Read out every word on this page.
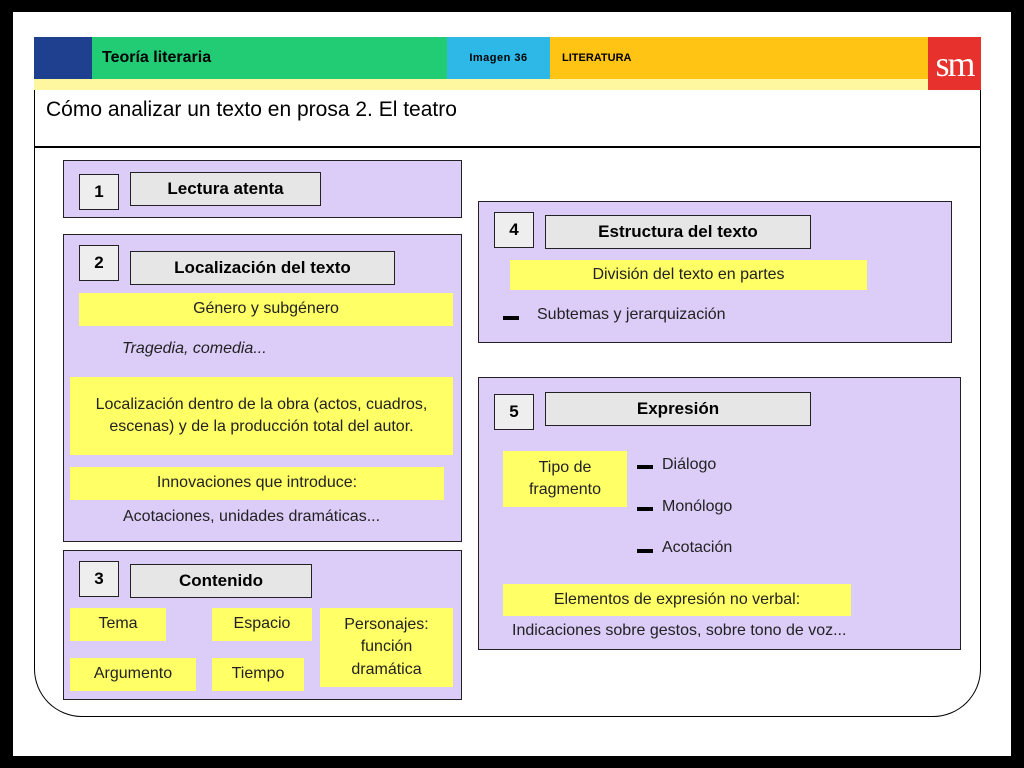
Teoría literaria	Imagen 36	LITERATURA	sm
Cómo analizar un texto en prosa 2. El teatro
1	Lectura atenta
2	Localización del texto
Género y subgénero
Tragedia, comedia...
Localización dentro de la obra (actos, cuadros, escenas) y de la producción total del autor.
Innovaciones que introduce:
Acotaciones, unidades dramáticas...
3	Contenido
Tema	Espacio	Personajes: función dramática
Argumento	Tiempo
4	Estructura del texto
División del texto en partes
Subtemas y jerarquización
5	Expresión
Tipo de fragmento
Diálogo
Monólogo
Acotación
Elementos de expresión no verbal:
Indicaciones sobre gestos, sobre tono de voz...
